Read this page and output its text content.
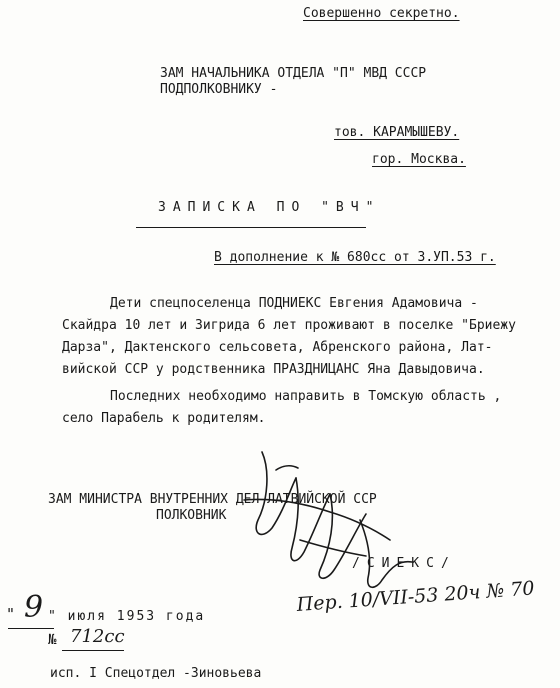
Совершенно секретно.
ЗАМ НАЧАЛЬНИКА ОТДЕЛА "П" МВД СССР
ПОДПОЛКОВНИКУ -
тов. КАРАМЫШЕВУ.
гор. Москва.
ЗАПИСКА ПО "ВЧ"
В дополнение к № 680сс от 3.УП.53 г.
Дети спецпоселенца ПОДНИЕКС Евгения Адамовича -
Скайдра 10 лет и Зигрида 6 лет проживают в поселке "Бриежу
Дарза", Дактенского сельсовета, Абренского района, Лат-
вийской ССР у родственника ПРАЗДНИЦАНС Яна Давыдовича.
Последних необходимо направить в Томскую область ,
село Парабель к родителям.
ЗАМ МИНИСТРА ВНУТРЕННИХ ДЕЛ ЛАТВИЙСКОЙ ССР
ПОЛКОВНИК
/СИЕКС/
" 9 " июля 1953 года
№ 712сс
исп. I Спецотдел -Зиновьева
Пер. 10/VII-53 20ч № 70
